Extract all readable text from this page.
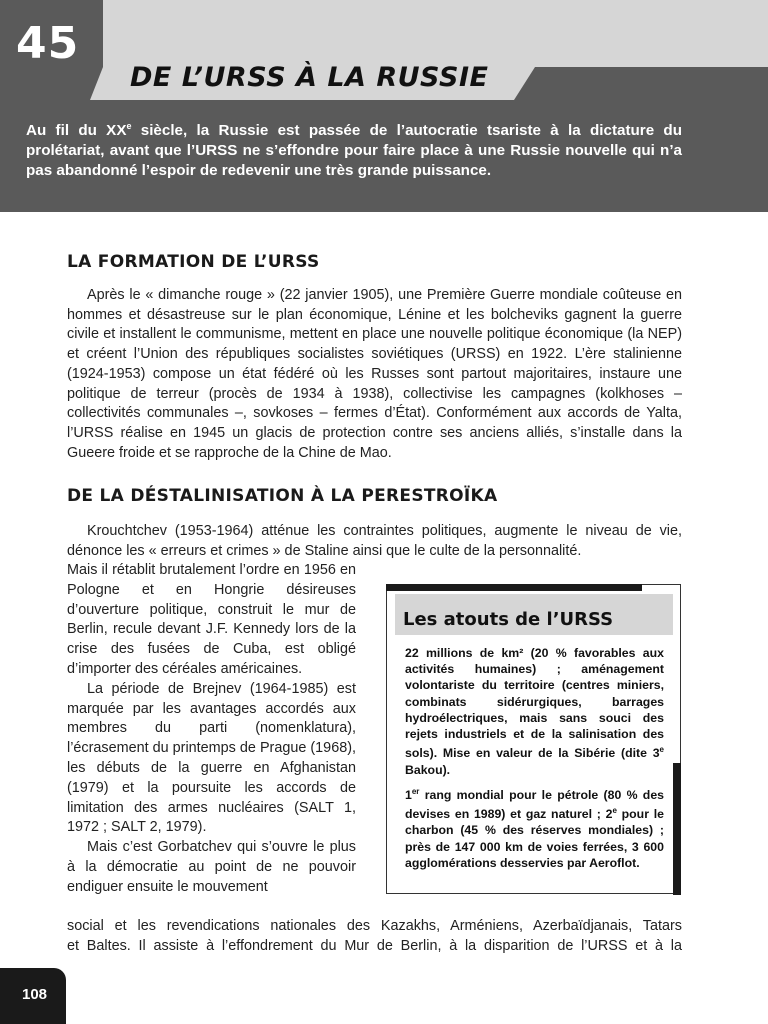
45
DE L’URSS À LA RUSSIE

Au fil du XXe siècle, la Russie est passée de l’autocratie tsariste à la dictature du prolétariat, avant que l’URSS ne s’effondre pour faire place à une Russie nouvelle qui n’a pas abandonné l’espoir de redevenir une très grande puissance.

LA FORMATION DE L’URSS

Après le « dimanche rouge » (22 janvier 1905), une Première Guerre mondiale coûteuse en hommes et désastreuse sur le plan économique, Lénine et les bolcheviks gagnent la guerre civile et installent le communisme, mettent en place une nouvelle politique économique (la NEP) et créent l’Union des républiques socialistes soviétiques (URSS) en 1922. L’ère stalinienne (1924-1953) compose un état fédéré où les Russes sont partout majoritaires, instaure une politique de terreur (procès de 1934 à 1938), collectivise les campagnes (kolkhoses – collectivités communales –, sovkoses – fermes d’État). Conformément aux accords de Yalta, l’URSS réalise en 1945 un glacis de protection contre ses anciens alliés, s’installe dans la Gueere froide et se rapproche de la Chine de Mao.

DE LA DÉSTALINISATION À LA PERESTROÏKA

Krouchtchev (1953-1964) atténue les contraintes politiques, augmente le niveau de vie, dénonce les « erreurs et crimes » de Staline ainsi que le culte de la personnalité.

Mais il rétablit brutalement l’ordre en 1956 en Pologne et en Hongrie désireuses d’ouverture politique, construit le mur de Berlin, recule devant J.F. Kennedy lors de la crise des fusées de Cuba, est obligé d’importer des céréales américaines.

La période de Brejnev (1964-1985) est marquée par les avantages accordés aux membres du parti (nomenklatura), l’écrasement du printemps de Prague (1968), les débuts de la guerre en Afghanistan (1979) et la poursuite les accords de limitation des armes nucléaires (SALT 1, 1972 ; SALT 2, 1979).

Mais c’est Gorbatchev qui s’ouvre le plus à la démocratie au point de ne pouvoir endiguer ensuite le mouvement

social et les revendications nationales des Kazakhs, Arméniens, Azerbaïdjanais, Tatars

et Baltes. Il assiste à l’effondrement du Mur de Berlin, à la disparition de l’URSS et à la

Les atouts de l’URSS

22 millions de km² (20 % favorables aux activités humaines) ; aménagement volontariste du territoire (centres miniers, combinats sidérurgiques, barrages hydroélectriques, mais sans souci des rejets industriels et de la salinisation des sols). Mise en valeur de la Sibérie (dite 3e Bakou).

1er rang mondial pour le pétrole (80 % des devises en 1989) et gaz naturel ; 2e pour le charbon (45 % des réserves mondiales) ; près de 147 000 km de voies ferrées, 3 600 agglomérations desservies par Aeroflot.

108
